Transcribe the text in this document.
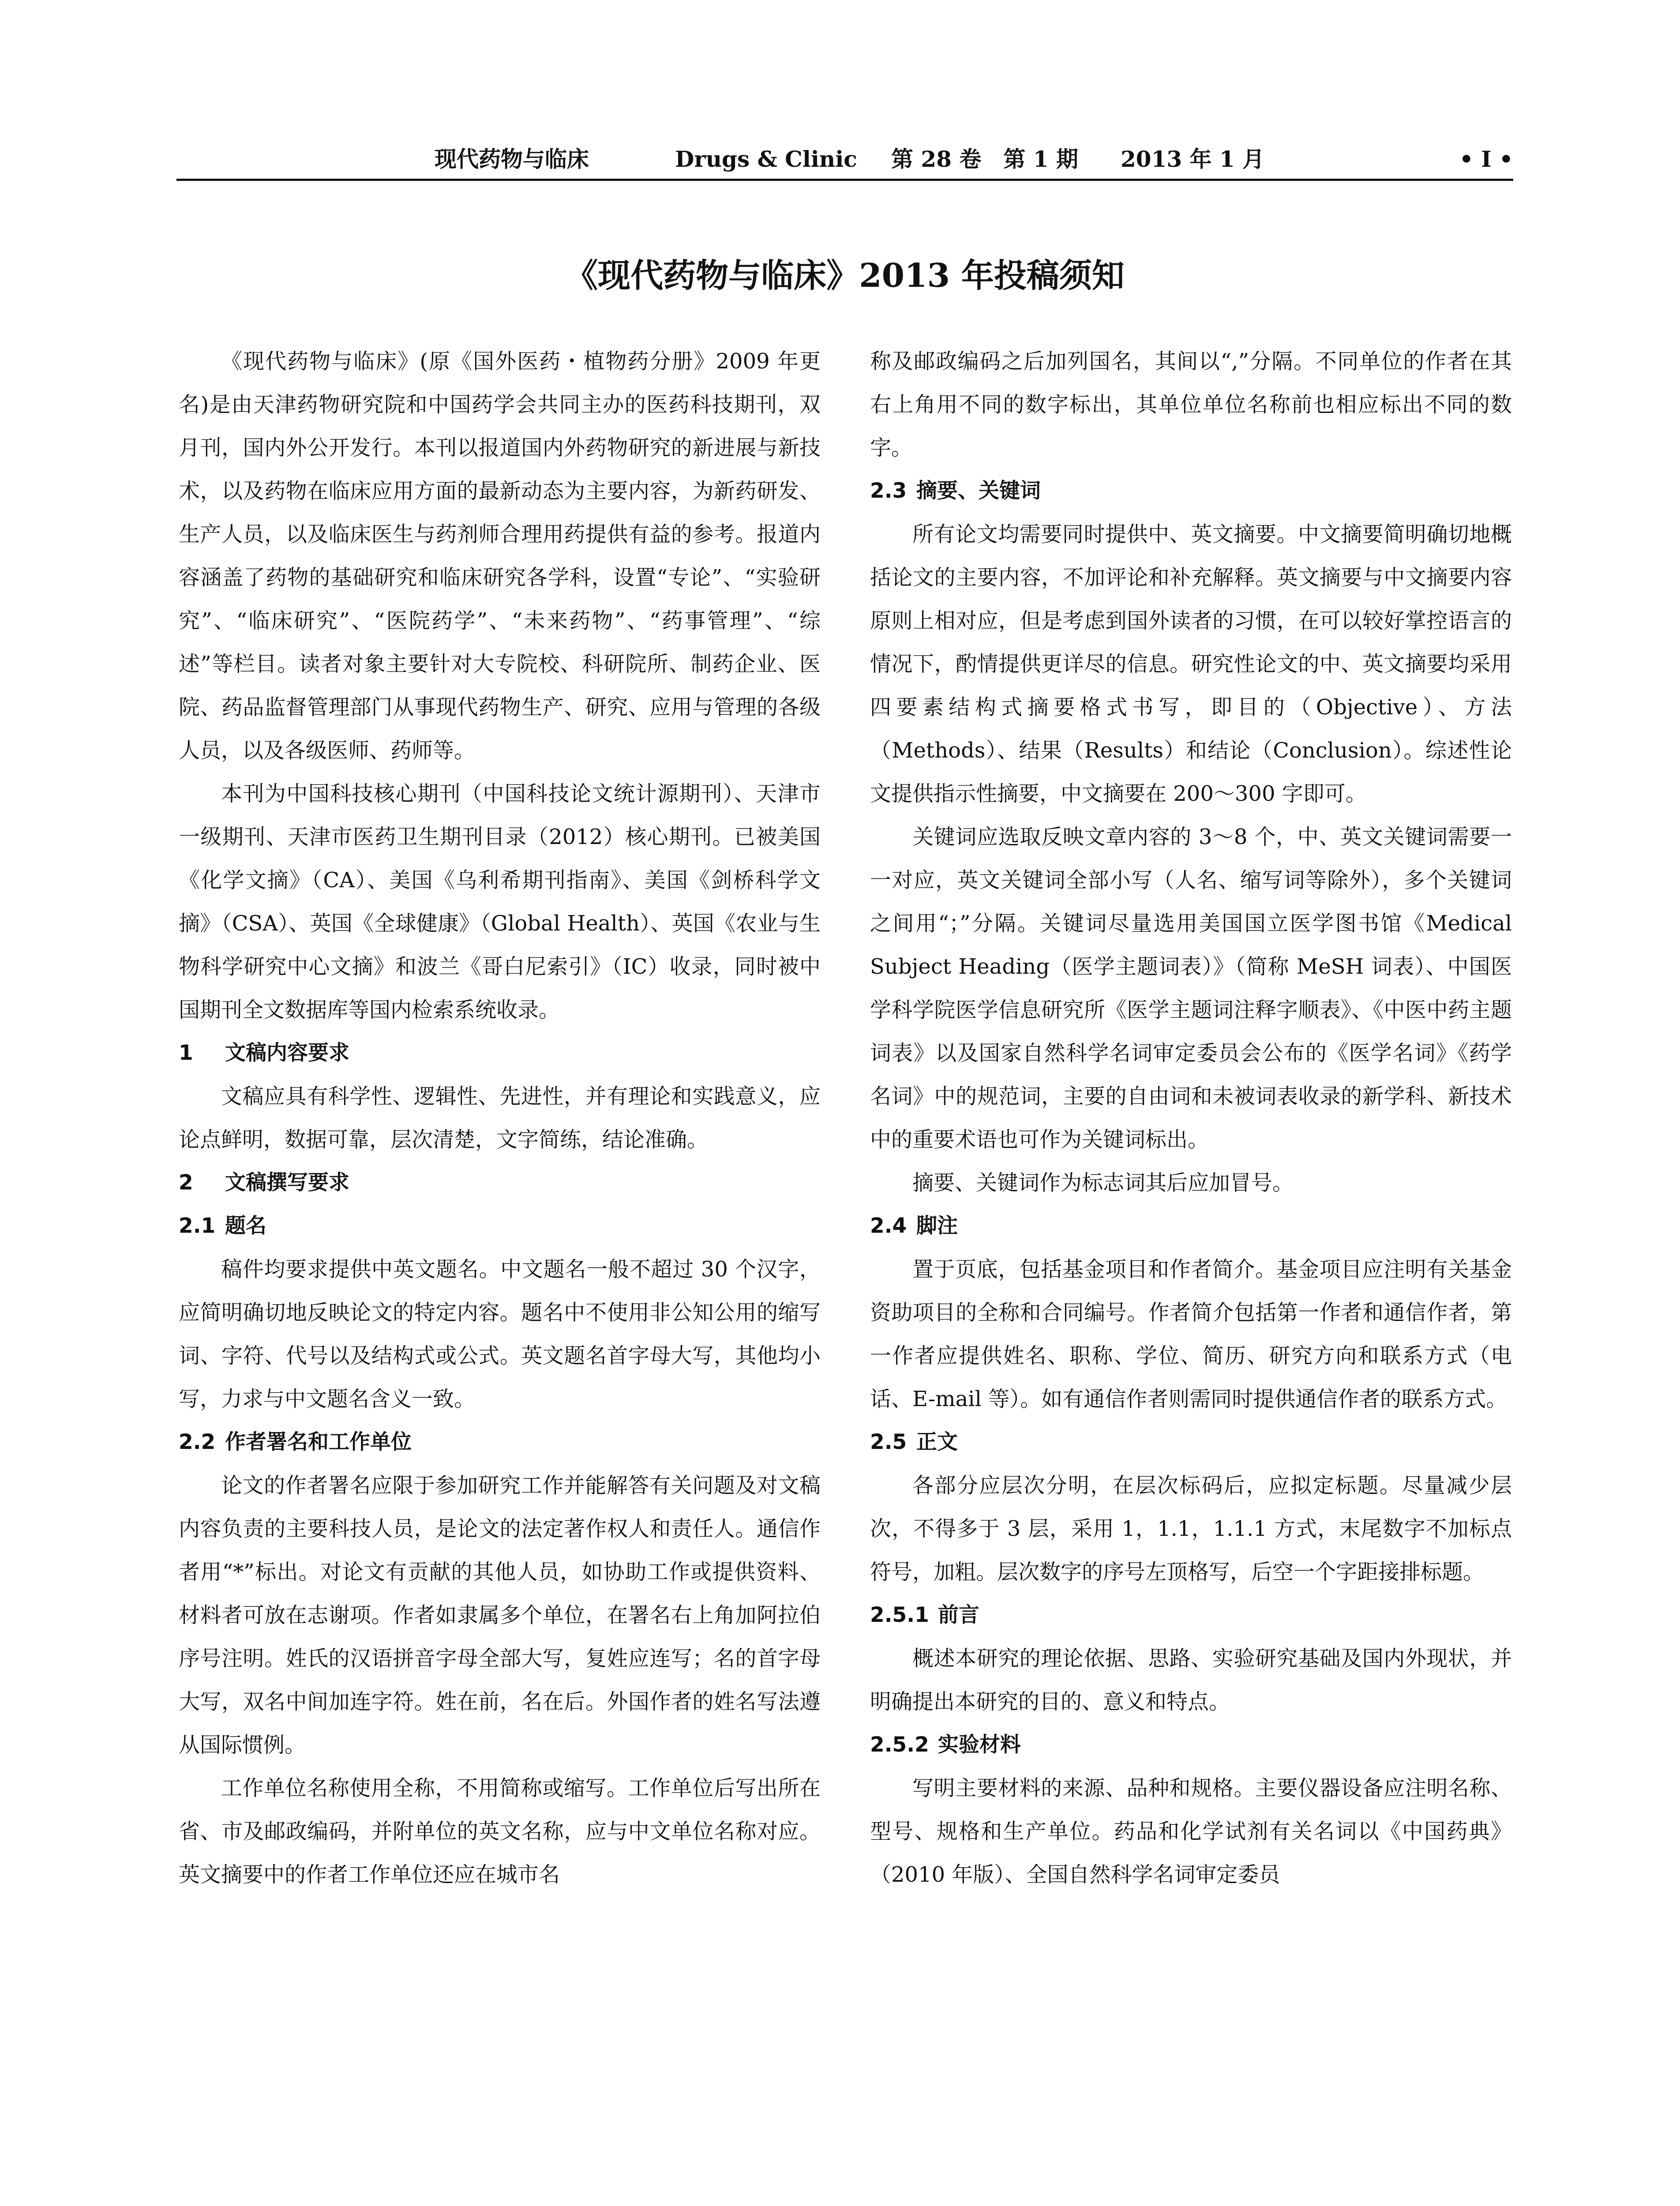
现代药物与临床	Drugs & Clinic 第 28 卷　第 1 期 2013 年 1 月	• I •
《现代药物与临床》2013 年投稿须知

《现代药物与临床》(原《国外医药・植物药分册》2009 年更名)是由天津药物研究院和中国药学会共同主办的医药科技期刊，双月刊，国内外公开发行。本刊以报道国内外药物研究的新进展与新技术，以及药物在临床应用方面的最新动态为主要内容，为新药研发、生产人员，以及临床医生与药剂师合理用药提供有益的参考。报道内容涵盖了药物的基础研究和临床研究各学科，设置“专论”、“实验研究”、“临床研究”、“医院药学”、“未来药物”、“药事管理”、“综述”等栏目。读者对象主要针对大专院校、科研院所、制药企业、医院、药品监督管理部门从事现代药物生产、研究、应用与管理的各级人员，以及各级医师、药师等。

本刊为中国科技核心期刊（中国科技论文统计源期刊）、天津市一级期刊、天津市医药卫生期刊目录（2012）核心期刊。已被美国《化学文摘》（CA）、美国《乌利希期刊指南》、美国《剑桥科学文摘》（CSA）、英国《全球健康》（Global Health）、英国《农业与生物科学研究中心文摘》和波兰《哥白尼索引》（IC）收录，同时被中国期刊全文数据库等国内检索系统收录。

1 文稿内容要求

文稿应具有科学性、逻辑性、先进性，并有理论和实践意义，应论点鲜明，数据可靠，层次清楚，文字简练，结论准确。

2 文稿撰写要求
2.1 题名

稿件均要求提供中英文题名。中文题名一般不超过 30 个汉字，应简明确切地反映论文的特定内容。题名中不使用非公知公用的缩写词、字符、代号以及结构式或公式。英文题名首字母大写，其他均小写，力求与中文题名含义一致。

2.2 作者署名和工作单位

论文的作者署名应限于参加研究工作并能解答有关问题及对文稿内容负责的主要科技人员，是论文的法定著作权人和责任人。通信作者用“*”标出。对论文有贡献的其他人员，如协助工作或提供资料、材料者可放在志谢项。作者如隶属多个单位，在署名右上角加阿拉伯序号注明。姓氏的汉语拼音字母全部大写，复姓应连写；名的首字母大写，双名中间加连字符。姓在前，名在后。外国作者的姓名写法遵从国际惯例。

工作单位名称使用全称，不用简称或缩写。工作单位后写出所在省、市及邮政编码，并附单位的英文名称，应与中文单位名称对应。英文摘要中的作者工作单位还应在城市名

称及邮政编码之后加列国名，其间以“,”分隔。不同单位的作者在其右上角用不同的数字标出，其单位单位名称前也相应标出不同的数字。

2.3 摘要、关键词

所有论文均需要同时提供中、英文摘要。中文摘要简明确切地概括论文的主要内容，不加评论和补充解释。英文摘要与中文摘要内容原则上相对应，但是考虑到国外读者的习惯，在可以较好掌控语言的情况下，酌情提供更详尽的信息。研究性论文的中、英文摘要均采用四要素结构式摘要格式书写，即目的（Objective）、方法（Methods）、结果（Results）和结论（Conclusion）。综述性论文提供指示性摘要，中文摘要在 200～300 字即可。

关键词应选取反映文章内容的 3～8 个，中、英文关键词需要一一对应，英文关键词全部小写（人名、缩写词等除外），多个关键词之间用“；”分隔。关键词尽量选用美国国立医学图书馆《Medical Subject Heading（医学主题词表）》（简称 MeSH 词表）、中国医学科学院医学信息研究所《医学主题词注释字顺表》、《中医中药主题词表》以及国家自然科学名词审定委员会公布的《医学名词》《药学名词》中的规范词，主要的自由词和未被词表收录的新学科、新技术中的重要术语也可作为关键词标出。

摘要、关键词作为标志词其后应加冒号。

2.4 脚注

置于页底，包括基金项目和作者简介。基金项目应注明有关基金资助项目的全称和合同编号。作者简介包括第一作者和通信作者，第一作者应提供姓名、职称、学位、简历、研究方向和联系方式（电话、E-mail 等）。如有通信作者则需同时提供通信作者的联系方式。

2.5 正文

各部分应层次分明，在层次标码后，应拟定标题。尽量减少层次，不得多于 3 层，采用 1，1.1，1.1.1 方式，末尾数字不加标点符号，加粗。层次数字的序号左顶格写，后空一个字距接排标题。

2.5.1 前言

概述本研究的理论依据、思路、实验研究基础及国内外现状，并明确提出本研究的目的、意义和特点。

2.5.2 实验材料

写明主要材料的来源、品种和规格。主要仪器设备应注明名称、型号、规格和生产单位。药品和化学试剂有关名词以《中国药典》（2010 年版）、全国自然科学名词审定委员
